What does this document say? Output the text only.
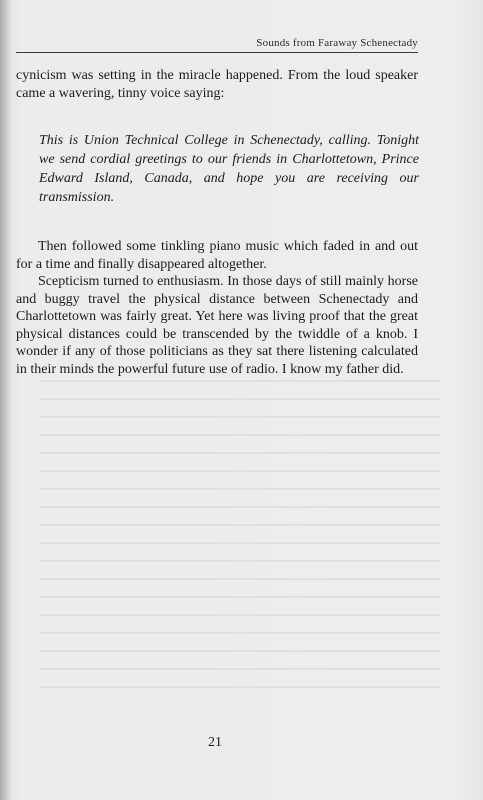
Sounds from Faraway Schenectady

cynicism was setting in the miracle happened. From the loud speaker came a wavering, tinny voice saying:

This is Union Technical College in Schenectady, calling. Tonight we send cordial greetings to our friends in Charlottetown, Prince Edward Island, Canada, and hope you are receiving our transmission.

Then followed some tinkling piano music which faded in and out for a time and finally disappeared altogether.

Scepticism turned to enthusiasm. In those days of still mainly horse and buggy travel the physical distance between Schenectady and Charlottetown was fairly great. Yet here was living proof that the great physical distances could be transcended by the twiddle of a knob. I wonder if any of those politicians as they sat there listening calculated in their minds the powerful future use of radio. I know my father did.

21
